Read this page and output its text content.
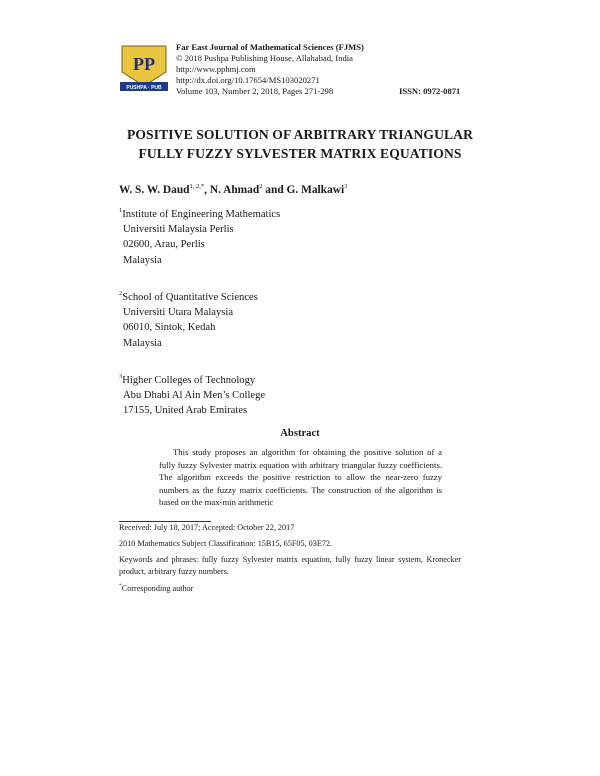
PP
PUSHPA · PUB
Far East Journal of Mathematical Sciences (FJMS)
© 2018 Pushpa Publishing House, Allahabad, India
http://www.pphmj.com
http://dx.doi.org/10.17654/MS103020271
Volume 103, Number 2, 2018, Pages 271-298	ISSN: 0972-0871
POSITIVE SOLUTION OF ARBITRARY TRIANGULAR
FULLY FUZZY SYLVESTER MATRIX EQUATIONS
W. S. W. Daud$^{1, 2,*}$, N. Ahmad$^2$ and G. Malkawi$^3$
$^1$Institute of Engineering Mathematics
Universiti Malaysia Perlis
02600, Arau, Perlis
Malaysia
$^2$School of Quantitative Sciences
Universiti Utara Malaysia
06010, Sintok, Kedah
Malaysia
$^3$Higher Colleges of Technology
Abu Dhabi Al Ain Men’s College
17155, United Arab Emirates
Abstract
This study proposes an algorithm for obtaining the positive solution of a fully fuzzy Sylvester matrix equation with arbitrary triangular fuzzy coefficients. The algorithm exceeds the positive restriction to allow the near-zero fuzzy numbers as the fuzzy matrix coefficients. The construction of the algorithm is based on the max-min arithmetic
Received: July 18, 2017; Accepted: October 22, 2017
2010 Mathematics Subject Classification: 15B15, 65F05, 03E72.
Keywords and phrases: fully fuzzy Sylvester matrix equation, fully fuzzy linear system, Kronecker product, arbitrary fuzzy numbers.
*Corresponding author
